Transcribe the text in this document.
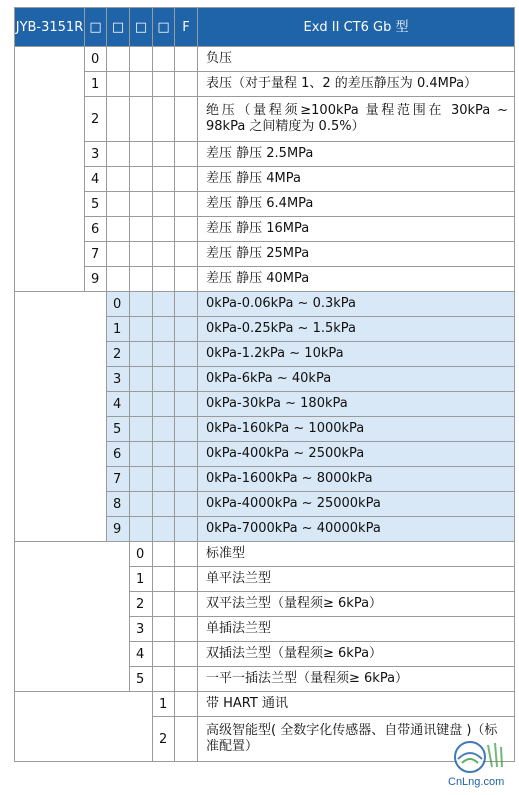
JYB-3151R	□	□	□	□	F	Exd II CT6 Gb 型
	0					负压
	1					表压（对于量程 1、2 的差压静压为 0.4MPa）
	2					绝压（量程须≥100kPa 量程范围在 30kPa ~ 98kPa 之间精度为 0.5%）
	3					差压 静压 2.5MPa
	4					差压 静压 4MPa
	5					差压 静压 6.4MPa
	6					差压 静压 16MPa
	7					差压 静压 25MPa
	9					差压 静压 40MPa
		0				0kPa-0.06kPa ~ 0.3kPa
		1				0kPa-0.25kPa ~ 1.5kPa
		2				0kPa-1.2kPa ~ 10kPa
		3				0kPa-6kPa ~ 40kPa
		4				0kPa-30kPa ~ 180kPa
		5				0kPa-160kPa ~ 1000kPa
		6				0kPa-400kPa ~ 2500kPa
		7				0kPa-1600kPa ~ 8000kPa
		8				0kPa-4000kPa ~ 25000kPa
		9				0kPa-7000kPa ~ 40000kPa
			0			标准型
			1			单平法兰型
			2			双平法兰型（量程须≥ 6kPa）
			3			单插法兰型
			4			双插法兰型（量程须≥ 6kPa）
			5			一平一插法兰型（量程须≥ 6kPa）
				1		带 HART 通讯
				2		高级智能型( 全数字化传感器、自带通讯键盘 )（标准配置）
CnLng.com
